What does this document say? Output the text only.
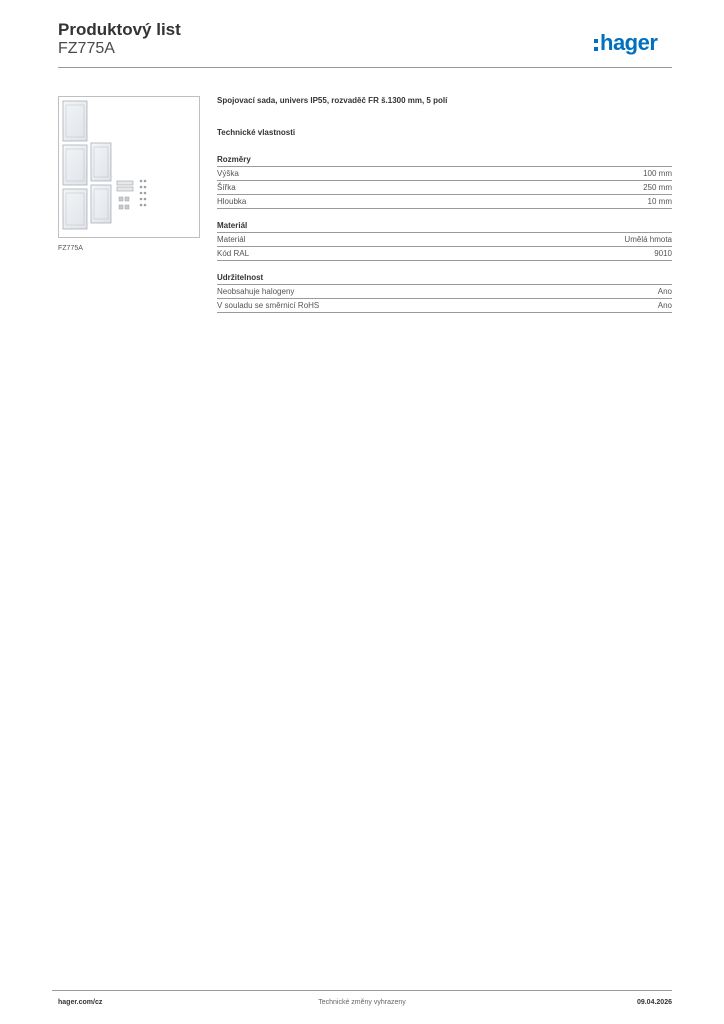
Produktový list
FZ775A	hager
FZ775A
Spojovací sada, univers IP55, rozvaděč FR š.1300 mm, 5 polí
Technické vlastnosti
Rozměry
Výška	100 mm
Šířka	250 mm
Hloubka	10 mm
Materiál
Materiál	Umělá hmota
Kód RAL	9010
Udržitelnost
Neobsahuje halogeny	Ano
V souladu se směrnicí RoHS	Ano
hager.com/cz	Technické změny vyhrazeny	09.04.2026
